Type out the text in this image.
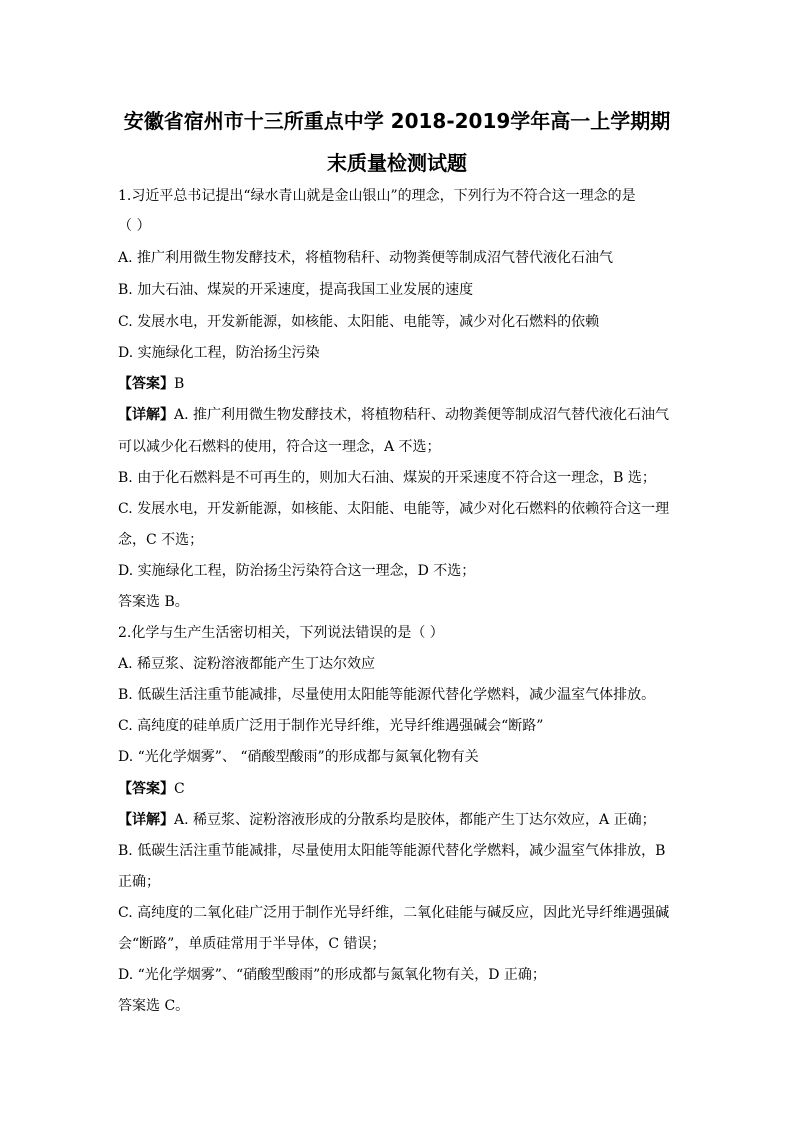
安徽省宿州市十三所重点中学 2018-2019学年高一上学期期
末质量检测试题
1.习近平总书记提出“绿水青山就是金山银山”的理念，下列行为不符合这一理念的是
（ ）
A. 推广利用微生物发酵技术，将植物秸秆、动物粪便等制成沼气替代液化石油气
B. 加大石油、煤炭的开采速度，提高我国工业发展的速度
C. 发展水电，开发新能源，如核能、太阳能、电能等，减少对化石燃料的依赖
D. 实施绿化工程，防治扬尘污染
【答案】B
【详解】A. 推广利用微生物发酵技术，将植物秸秆、动物粪便等制成沼气替代液化石油气
可以减少化石燃料的使用，符合这一理念，A 不选；
B. 由于化石燃料是不可再生的，则加大石油、煤炭的开采速度不符合这一理念，B 选；
C. 发展水电，开发新能源，如核能、太阳能、电能等，减少对化石燃料的依赖符合这一理
念，C 不选；
D. 实施绿化工程，防治扬尘污染符合这一理念，D 不选；
答案选 B。
2.化学与生产生活密切相关，下列说法错误的是（ ）
A. 稀豆浆、淀粉溶液都能产生丁达尔效应
B. 低碳生活注重节能减排，尽量使用太阳能等能源代替化学燃料，减少温室气体排放。
C. 高纯度的硅单质广泛用于制作光导纤维，光导纤维遇强碱会“断路”
D. “光化学烟雾”、 “硝酸型酸雨”的形成都与氮氧化物有关
【答案】C
【详解】A. 稀豆浆、淀粉溶液形成的分散系均是胶体，都能产生丁达尔效应，A 正确；
B. 低碳生活注重节能减排，尽量使用太阳能等能源代替化学燃料，减少温室气体排放，B
正确；
C. 高纯度的二氧化硅广泛用于制作光导纤维，二氧化硅能与碱反应，因此光导纤维遇强碱
会“断路”，单质硅常用于半导体，C 错误；
D. “光化学烟雾”、“硝酸型酸雨”的形成都与氮氧化物有关，D 正确；
答案选 C。
